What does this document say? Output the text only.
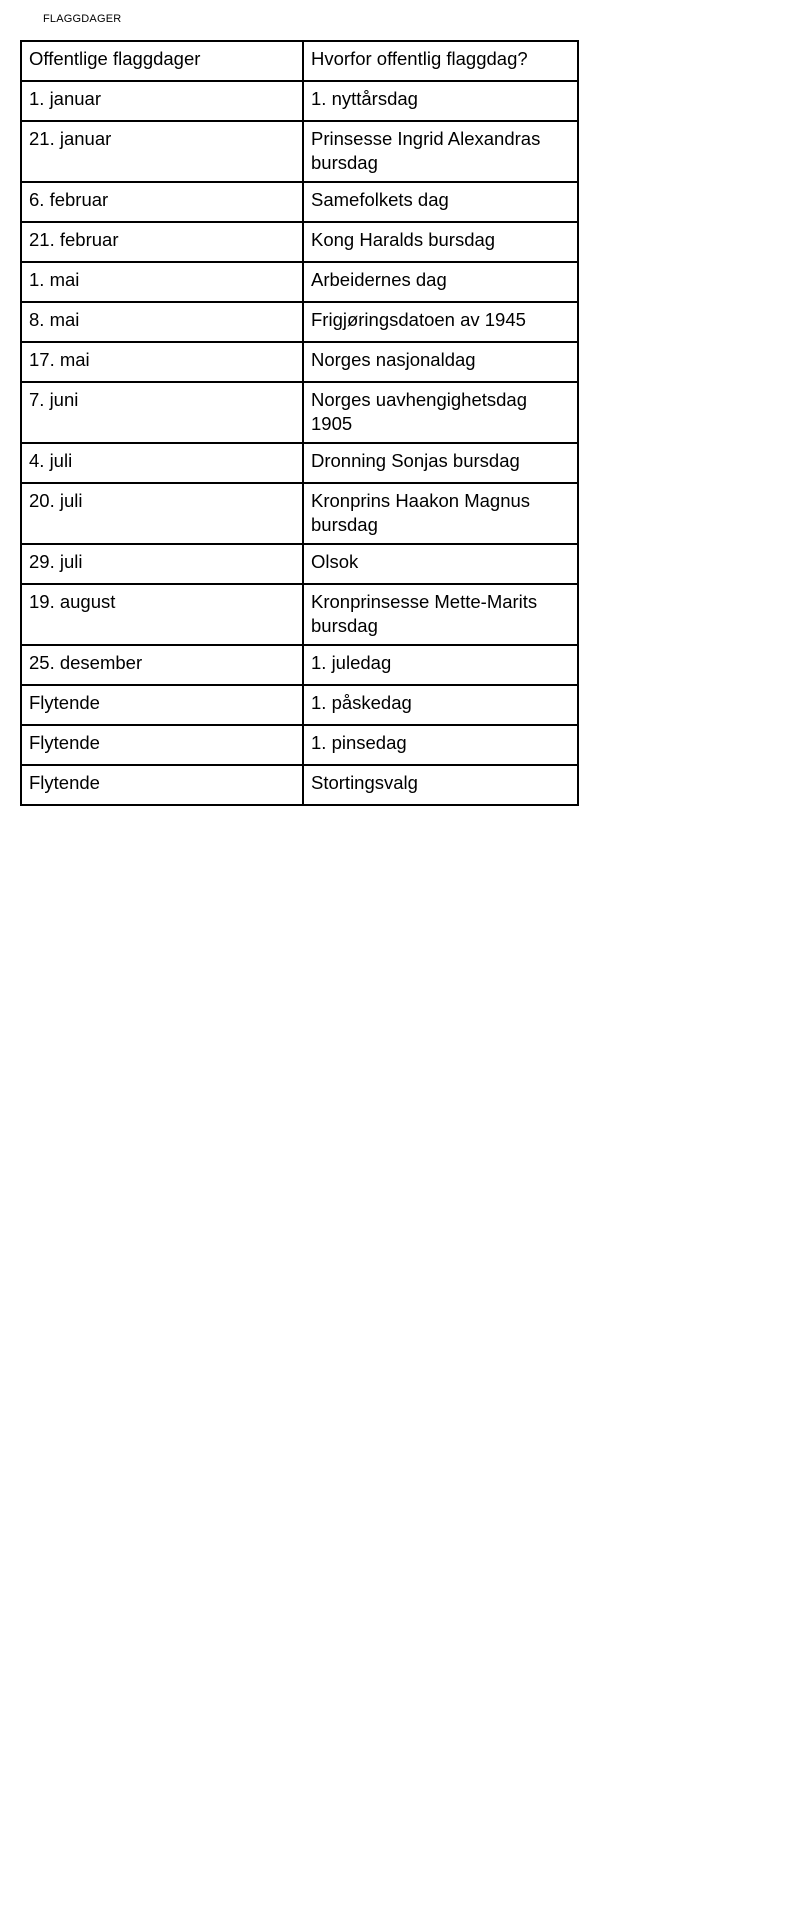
FLAGGDAGER
Offentlige flaggdager	Hvorfor offentlig flaggdag?
1. januar	1. nyttårsdag
21. januar	Prinsesse Ingrid Alexandras bursdag
6. februar	Samefolkets dag
21. februar	Kong Haralds bursdag
1. mai	Arbeidernes dag
8. mai	Frigjøringsdatoen av 1945
17. mai	Norges nasjonaldag
7. juni	Norges uavhengighetsdag 1905
4. juli	Dronning Sonjas bursdag
20. juli	Kronprins Haakon Magnus bursdag
29. juli	Olsok
19. august	Kronprinsesse Mette-Marits bursdag
25. desember	1. juledag
Flytende	1. påskedag
Flytende	1. pinsedag
Flytende	Stortingsvalg
